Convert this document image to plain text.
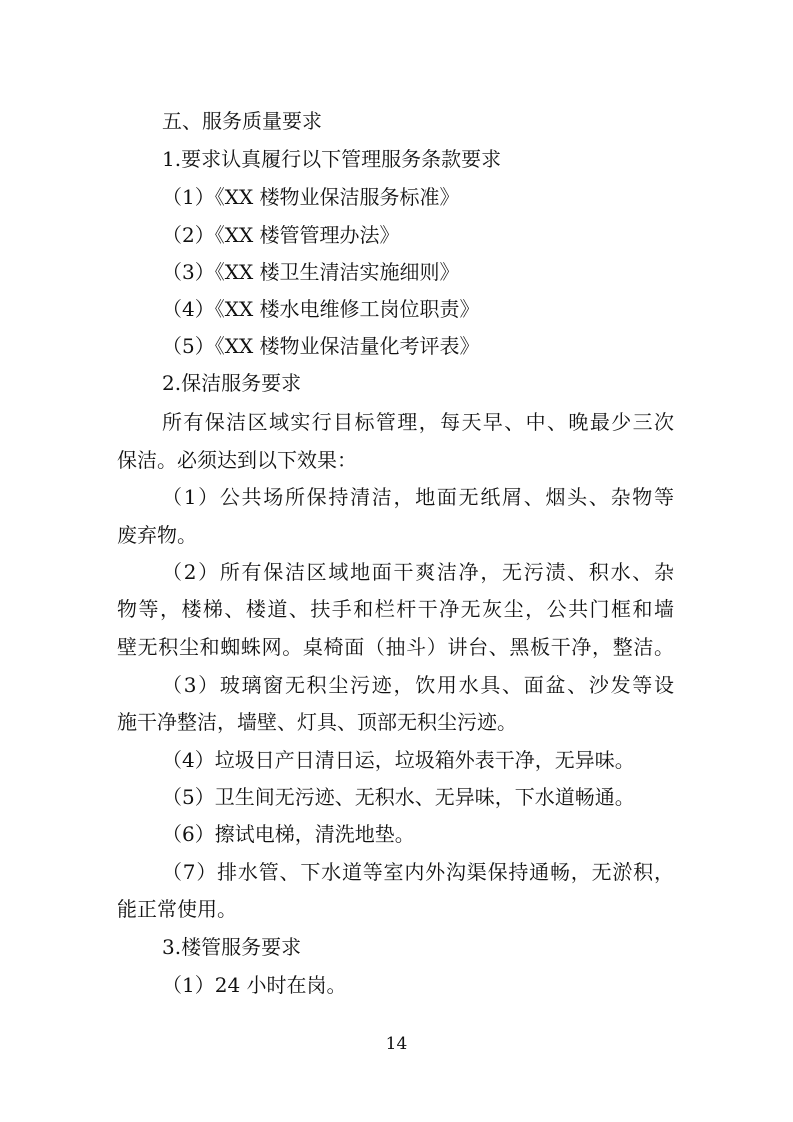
五、服务质量要求

1.要求认真履行以下管理服务条款要求

（1）《XX 楼物业保洁服务标准》

（2）《XX 楼管管理办法》

（3）《XX 楼卫生清洁实施细则》

（4）《XX 楼水电维修工岗位职责》

（5）《XX 楼物业保洁量化考评表》

2.保洁服务要求

所有保洁区域实行目标管理，每天早、中、晚最少三次

保洁。必须达到以下效果：

（1）公共场所保持清洁，地面无纸屑、烟头、杂物等

废弃物。

（2）所有保洁区域地面干爽洁净，无污渍、积水、杂

物等，楼梯、楼道、扶手和栏杆干净无灰尘，公共门框和墙

壁无积尘和蜘蛛网。桌椅面（抽斗）讲台、黑板干净，整洁。

（3）玻璃窗无积尘污迹，饮用水具、面盆、沙发等设

施干净整洁，墙壁、灯具、顶部无积尘污迹。

（4）垃圾日产日清日运，垃圾箱外表干净，无异味。

（5）卫生间无污迹、无积水、无异味，下水道畅通。

（6）擦试电梯，清洗地垫。

（7）排水管、下水道等室内外沟渠保持通畅，无淤积，

能正常使用。

3.楼管服务要求

（1）24 小时在岗。

14
